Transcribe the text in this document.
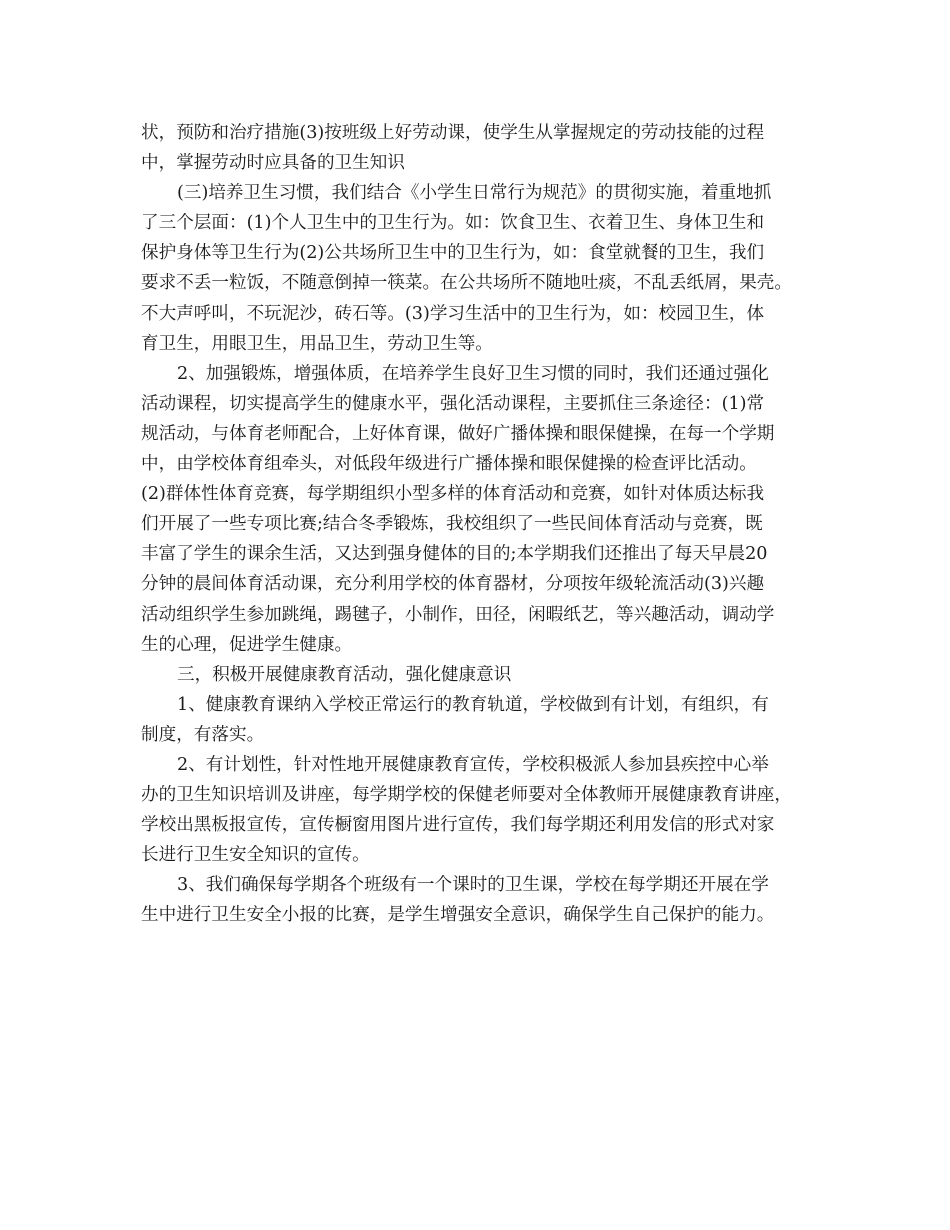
状，预防和治疗措施(3)按班级上好劳动课，使学生从掌握规定的劳动技能的过程
中，掌握劳动时应具备的卫生知识
(三)培养卫生习惯，我们结合《小学生日常行为规范》的贯彻实施，着重地抓
了三个层面：(1)个人卫生中的卫生行为。如：饮食卫生、衣着卫生、身体卫生和
保护身体等卫生行为(2)公共场所卫生中的卫生行为，如：食堂就餐的卫生，我们
要求不丢一粒饭，不随意倒掉一筷菜。在公共场所不随地吐痰，不乱丢纸屑，果壳。
不大声呼叫，不玩泥沙，砖石等。(3)学习生活中的卫生行为，如：校园卫生，体
育卫生，用眼卫生，用品卫生，劳动卫生等。
2、加强锻炼，增强体质，在培养学生良好卫生习惯的同时，我们还通过强化
活动课程，切实提高学生的健康水平，强化活动课程，主要抓住三条途径：(1)常
规活动，与体育老师配合，上好体育课，做好广播体操和眼保健操，在每一个学期
中，由学校体育组牵头，对低段年级进行广播体操和眼保健操的检查评比活动。
(2)群体性体育竞赛，每学期组织小型多样的体育活动和竞赛，如针对体质达标我
们开展了一些专项比赛;结合冬季锻炼，我校组织了一些民间体育活动与竞赛，既
丰富了学生的课余生活，又达到强身健体的目的;本学期我们还推出了每天早晨20
分钟的晨间体育活动课，充分利用学校的体育器材，分项按年级轮流活动(3)兴趣
活动组织学生参加跳绳，踢毽子，小制作，田径，闲暇纸艺，等兴趣活动，调动学
生的心理，促进学生健康。
三，积极开展健康教育活动，强化健康意识
1、健康教育课纳入学校正常运行的教育轨道，学校做到有计划，有组织，有
制度，有落实。
2、有计划性，针对性地开展健康教育宣传，学校积极派人参加县疾控中心举
办的卫生知识培训及讲座，每学期学校的保健老师要对全体教师开展健康教育讲座，
学校出黑板报宣传，宣传橱窗用图片进行宣传，我们每学期还利用发信的形式对家
长进行卫生安全知识的宣传。
3、我们确保每学期各个班级有一个课时的卫生课，学校在每学期还开展在学
生中进行卫生安全小报的比赛，是学生增强安全意识，确保学生自己保护的能力。
